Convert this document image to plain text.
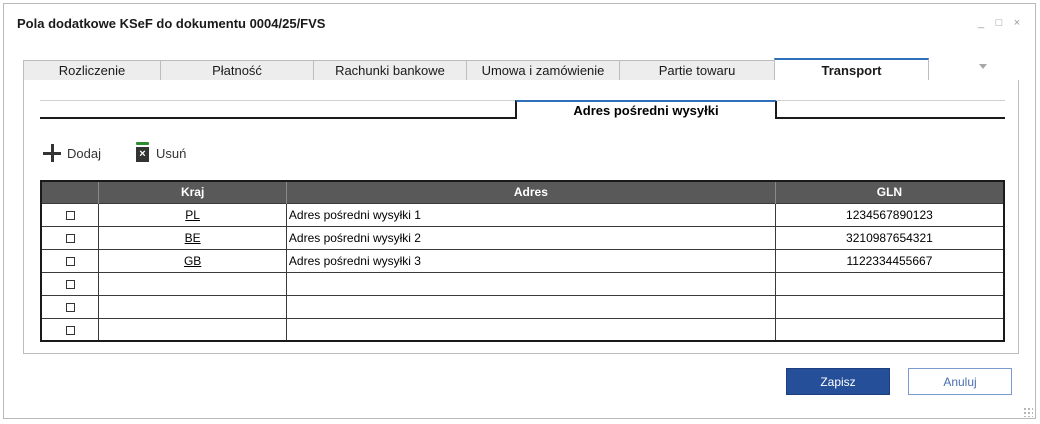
Pola dodatkowe KSeF do dokumentu 0004/25/FVS	_ □ ×
Rozliczenie	Płatność	Rachunki bankowe	Umowa i zamówienie	Partie towaru	Transport
Adres pośredni wysyłki
Dodaj	× Usuń
	Kraj	Adres	GLN
	PL	Adres pośredni wysyłki 1	1234567890123
	BE	Adres pośredni wysyłki 2	3210987654321
	GB	Adres pośredni wysyłki 3	1122334455667

Zapisz	Anuluj
